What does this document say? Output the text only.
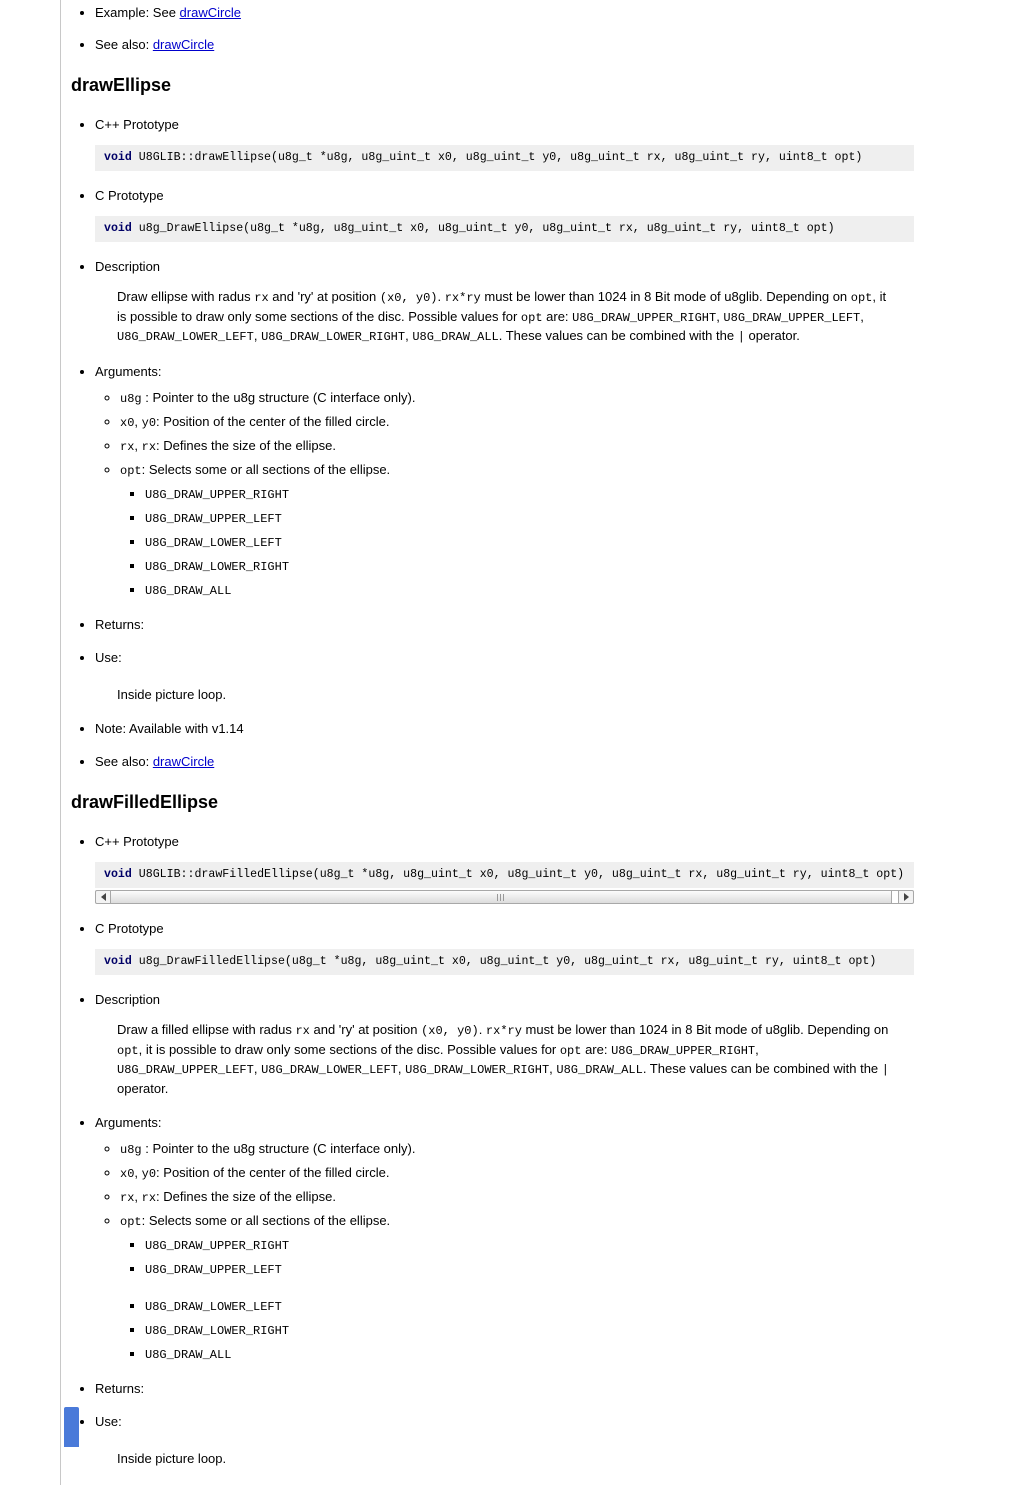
• Example: See drawCircle
• See also: drawCircle
drawEllipse
• C++ Prototype
void U8GLIB::drawEllipse(u8g_t *u8g, u8g_uint_t x0, u8g_uint_t y0, u8g_uint_t rx, u8g_uint_t ry, uint8_t opt)
• C Prototype
void u8g_DrawEllipse(u8g_t *u8g, u8g_uint_t x0, u8g_uint_t y0, u8g_uint_t rx, u8g_uint_t ry, uint8_t opt)
• Description

Draw ellipse with radus rx and 'ry' at position (x0, y0). rx*ry must be lower than 1024 in 8 Bit mode of u8glib. Depending on opt, it is possible to draw only some sections of the disc. Possible values for opt are: U8G_DRAW_UPPER_RIGHT, U8G_DRAW_UPPER_LEFT, U8G_DRAW_LOWER_LEFT, U8G_DRAW_LOWER_RIGHT, U8G_DRAW_ALL. These values can be combined with the | operator.

• Arguments:
◦ u8g : Pointer to the u8g structure (C interface only).
◦ x0, y0: Position of the center of the filled circle.
◦ rx, rx: Defines the size of the ellipse.
◦ opt: Selects some or all sections of the ellipse.
▪ U8G_DRAW_UPPER_RIGHT
▪ U8G_DRAW_UPPER_LEFT
▪ U8G_DRAW_LOWER_LEFT
▪ U8G_DRAW_LOWER_RIGHT
▪ U8G_DRAW_ALL
• Returns:
• Use:

Inside picture loop.

• Note: Available with v1.14
• See also: drawCircle
drawFilledEllipse
• C++ Prototype
void U8GLIB::drawFilledEllipse(u8g_t *u8g, u8g_uint_t x0, u8g_uint_t y0, u8g_uint_t rx, u8g_uint_t ry, uint8_t opt)
• C Prototype
void u8g_DrawFilledEllipse(u8g_t *u8g, u8g_uint_t x0, u8g_uint_t y0, u8g_uint_t rx, u8g_uint_t ry, uint8_t opt)
• Description

Draw a filled ellipse with radus rx and 'ry' at position (x0, y0). rx*ry must be lower than 1024 in 8 Bit mode of u8glib. Depending on opt, it is possible to draw only some sections of the disc. Possible values for opt are: U8G_DRAW_UPPER_RIGHT, U8G_DRAW_UPPER_LEFT, U8G_DRAW_LOWER_LEFT, U8G_DRAW_LOWER_RIGHT, U8G_DRAW_ALL. These values can be combined with the | operator.

• Arguments:
◦ u8g : Pointer to the u8g structure (C interface only).
◦ x0, y0: Position of the center of the filled circle.
◦ rx, rx: Defines the size of the ellipse.
◦ opt: Selects some or all sections of the ellipse.
▪ U8G_DRAW_UPPER_RIGHT
▪ U8G_DRAW_UPPER_LEFT
▪ U8G_DRAW_LOWER_LEFT
▪ U8G_DRAW_LOWER_RIGHT
▪ U8G_DRAW_ALL
• Returns:
• Use:

Inside picture loop.
